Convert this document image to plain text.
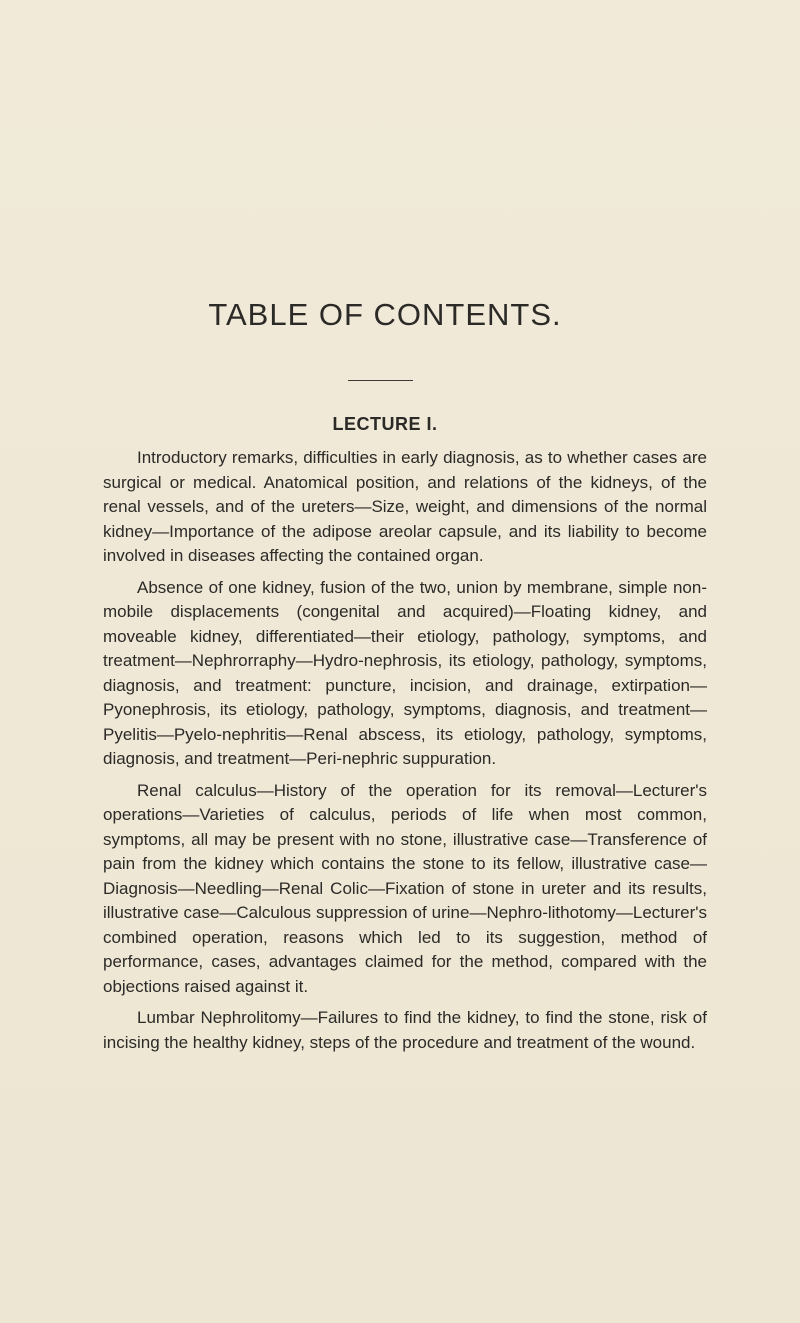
TABLE OF CONTENTS.
LECTURE I.

Introductory remarks, difficulties in early diagnosis, as to whether cases are surgical or medical. Anatomical position, and relations of the kidneys, of the renal vessels, and of the ureters—Size, weight, and dimensions of the normal kidney—Importance of the adipose areolar capsule, and its liability to become involved in diseases affecting the contained organ.

Absence of one kidney, fusion of the two, union by membrane, simple non-mobile displacements (congenital and acquired)—Floating kidney, and moveable kidney, differentiated—their etiology, pathology, symptoms, and treatment—Nephrorraphy—Hydro-nephrosis, its etiology, pathology, symptoms, diagnosis, and treatment: puncture, incision, and drainage, extirpation—Pyonephrosis, its etiology, pathology, symptoms, diagnosis, and treatment—Pyelitis—Pyelo-nephritis—Renal abscess, its etiology, pathology, symptoms, diagnosis, and treatment—Peri-nephric suppuration.

Renal calculus—History of the operation for its removal—Lecturer's operations—Varieties of calculus, periods of life when most common, symptoms, all may be present with no stone, illustrative case—Transference of pain from the kidney which contains the stone to its fellow, illustrative case—Diagnosis—Needling—Renal Colic—Fixation of stone in ureter and its results, illustrative case—Calculous suppression of urine—Nephro-lithotomy—Lecturer's combined operation, reasons which led to its suggestion, method of performance, cases, advantages claimed for the method, compared with the objections raised against it.

Lumbar Nephrolitomy—Failures to find the kidney, to find the stone, risk of incising the healthy kidney, steps of the procedure and treatment of the wound.
